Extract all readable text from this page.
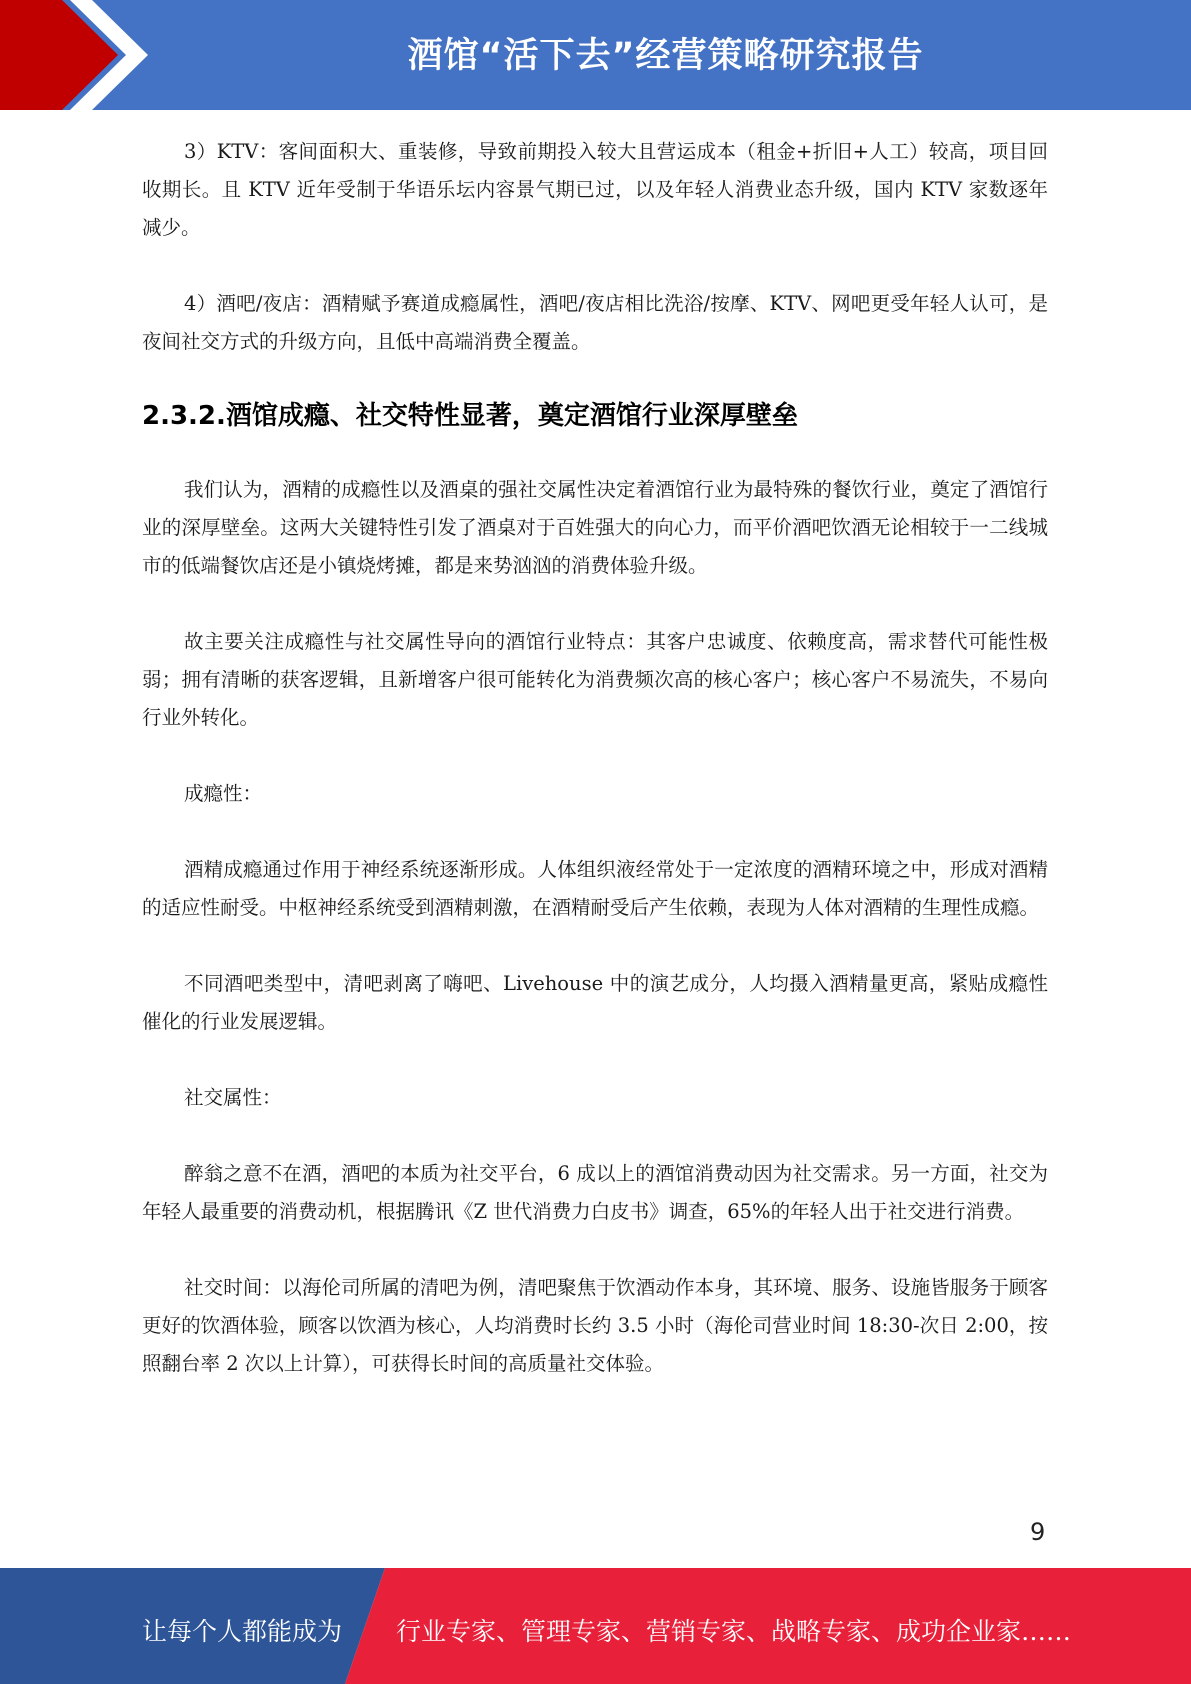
酒馆“活下去”经营策略研究报告

3）KTV：客间面积大、重装修，导致前期投入较大且营运成本（租金+折旧+人工）较高，项目回收期长。且 KTV 近年受制于华语乐坛内容景气期已过，以及年轻人消费业态升级，国内 KTV 家数逐年减少。

4）酒吧/夜店：酒精赋予赛道成瘾属性，酒吧/夜店相比洗浴/按摩、KTV、网吧更受年轻人认可，是夜间社交方式的升级方向，且低中高端消费全覆盖。

2.3.2.酒馆成瘾、社交特性显著，奠定酒馆行业深厚壁垒

我们认为，酒精的成瘾性以及酒桌的强社交属性决定着酒馆行业为最特殊的餐饮行业，奠定了酒馆行业的深厚壁垒。这两大关键特性引发了酒桌对于百姓强大的向心力，而平价酒吧饮酒无论相较于一二线城市的低端餐饮店还是小镇烧烤摊，都是来势汹汹的消费体验升级。

故主要关注成瘾性与社交属性导向的酒馆行业特点：其客户忠诚度、依赖度高，需求替代可能性极弱；拥有清晰的获客逻辑，且新增客户很可能转化为消费频次高的核心客户；核心客户不易流失，不易向行业外转化。

成瘾性：

酒精成瘾通过作用于神经系统逐渐形成。人体组织液经常处于一定浓度的酒精环境之中，形成对酒精的适应性耐受。中枢神经系统受到酒精刺激，在酒精耐受后产生依赖，表现为人体对酒精的生理性成瘾。

不同酒吧类型中，清吧剥离了嗨吧、Livehouse 中的演艺成分，人均摄入酒精量更高，紧贴成瘾性催化的行业发展逻辑。

社交属性：

醉翁之意不在酒，酒吧的本质为社交平台，6 成以上的酒馆消费动因为社交需求。另一方面，社交为年轻人最重要的消费动机，根据腾讯《Z 世代消费力白皮书》调查，65%的年轻人出于社交进行消费。

社交时间：以海伦司所属的清吧为例，清吧聚焦于饮酒动作本身，其环境、服务、设施皆服务于顾客更好的饮酒体验，顾客以饮酒为核心，人均消费时长约 3.5 小时（海伦司营业时间 18:30-次日 2:00，按照翻台率 2 次以上计算），可获得长时间的高质量社交体验。

9
让每个人都能成为 行业专家、管理专家、营销专家、战略专家、成功企业家……
